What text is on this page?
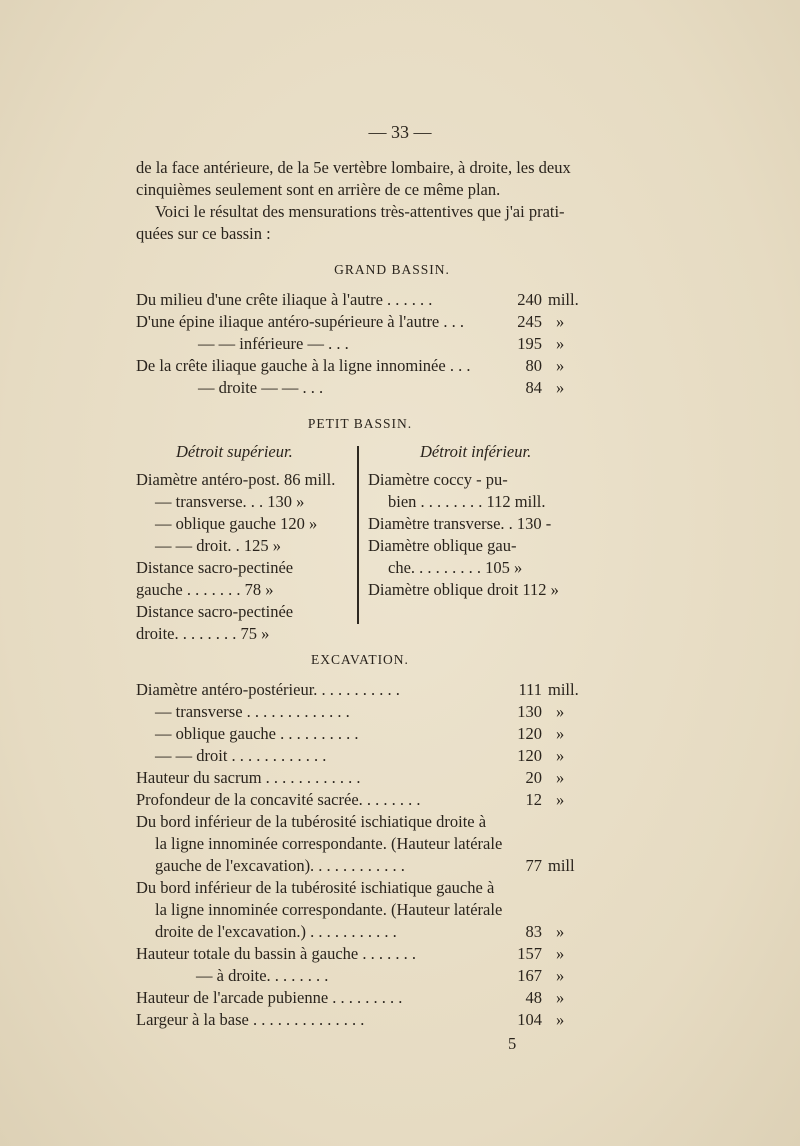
— 33 —
de la face antérieure, de la 5e vertèbre lombaire, à droite, les deux
cinquièmes seulement sont en arrière de ce même plan.
Voici le résultat des mensurations très-attentives que j'ai prati-
quées sur ce bassin :
GRAND BASSIN.
Du milieu d'une crête iliaque à l'autre . . . . . .	240 mill.
D'une épine iliaque antéro-supérieure à l'autre . . .	245 »
— — inférieure — . . .	195 »
De la crête iliaque gauche à la ligne innominée . . .	80 »
— droite — — . . .	84 »
PETIT BASSIN.
Détroit supérieur.
Diamètre antéro-post. 86 mill.
— transverse. . . 130 »
— oblique gauche 120 »
— — droit. . 125 »
Distance sacro-pectinée
gauche . . . . . . . 78 »
Distance sacro-pectinée
droite. . . . . . . . 75 »
Détroit inférieur.
Diamètre coccy - pu-
bien . . . . . . . . 112 mill.
Diamètre transverse. . 130 -
Diamètre oblique gau-
che. . . . . . . . . 105 »
Diamètre oblique droit 112 »
EXCAVATION.
Diamètre antéro-postérieur. . . . . . . . . . .	111 mill.
— transverse . . . . . . . . . . . . .	130 »
— oblique gauche . . . . . . . . . .	120 »
— — droit . . . . . . . . . . . .	120 »
Hauteur du sacrum . . . . . . . . . . . .	20 »
Profondeur de la concavité sacrée. . . . . . . .	12 »
Du bord inférieur de la tubérosité ischiatique droite à
la ligne innominée correspondante. (Hauteur latérale
gauche de l'excavation). . . . . . . . . . . .	77 mill
Du bord inférieur de la tubérosité ischiatique gauche à
la ligne innominée correspondante. (Hauteur latérale
droite de l'excavation.) . . . . . . . . . . .	83 »
Hauteur totale du bassin à gauche . . . . . . .	157 »
— à droite. . . . . . . .	167 »
Hauteur de l'arcade pubienne . . . . . . . . .	48 »
Largeur à la base . . . . . . . . . . . . . .	104 »
5
